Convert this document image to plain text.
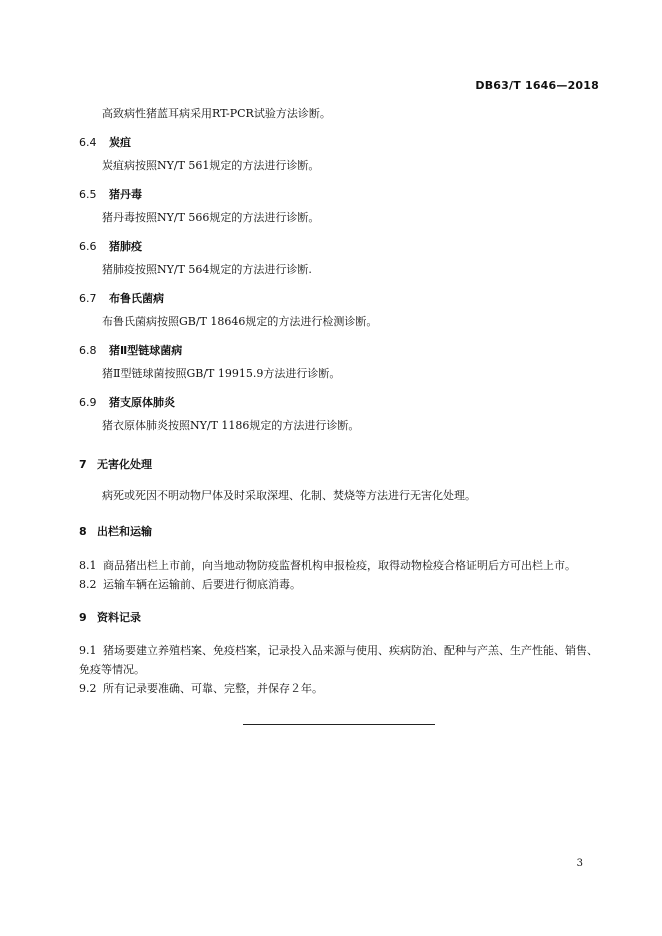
DB63/T 1646—2018
高致病性猪蓝耳病采用RT-PCR试验方法诊断。
6.4 炭疽
炭疽病按照NY/T 561规定的方法进行诊断。
6.5 猪丹毒
猪丹毒按照NY/T 566规定的方法进行诊断。
6.6 猪肺疫
猪肺疫按照NY/T 564规定的方法进行诊断.
6.7 布鲁氏菌病
布鲁氏菌病按照GB/T 18646规定的方法进行检测诊断。
6.8 猪Ⅱ型链球菌病
猪Ⅱ型链球菌按照GB/T 19915.9方法进行诊断。
6.9 猪支原体肺炎
猪衣原体肺炎按照NY/T 1186规定的方法进行诊断。
7 无害化处理
病死或死因不明动物尸体及时采取深埋、化制、焚烧等方法进行无害化处理。
8 出栏和运输
8.1 商品猪出栏上市前，向当地动物防疫监督机构申报检疫，取得动物检疫合格证明后方可出栏上市。
8.2 运输车辆在运输前、后要进行彻底消毒。
9 资料记录
9.1 猪场要建立养殖档案、免疫档案，记录投入品来源与使用、疾病防治、配种与产羔、生产性能、销售、免疫等情况。
9.2 所有记录要准确、可靠、完整，并保存２年。
3
